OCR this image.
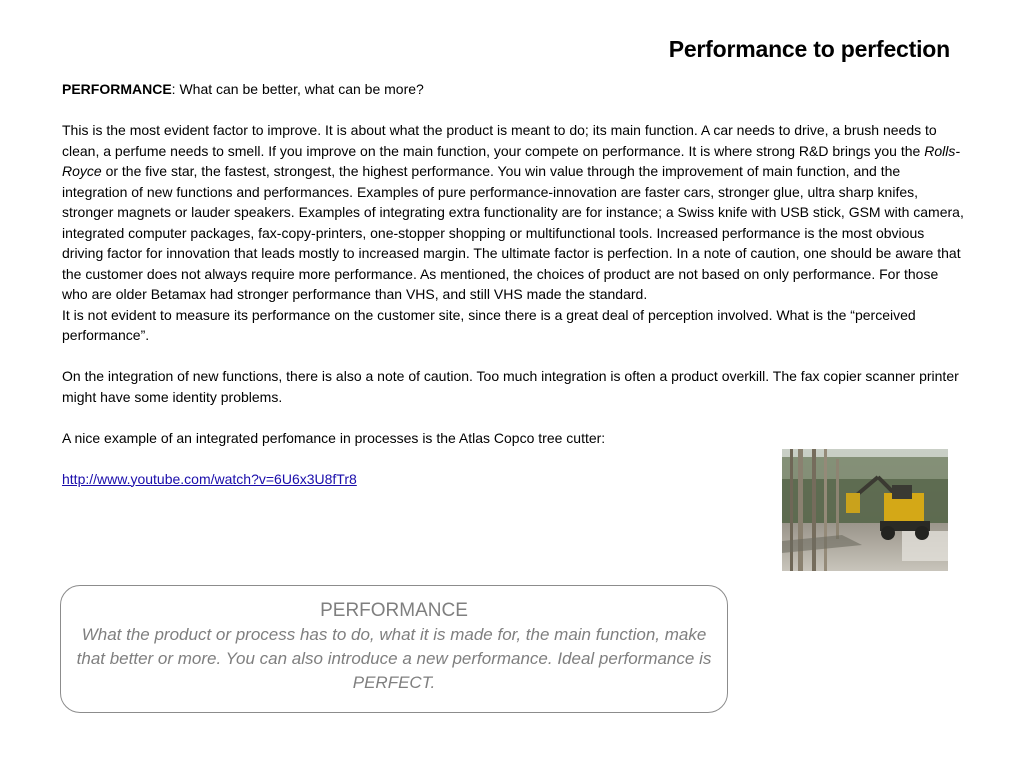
Performance to perfection

PERFORMANCE: What can be better, what can be more?

This is the most evident factor to improve. It is about what the product is meant to do; its main function. A car needs to drive, a brush needs to clean, a perfume needs to smell. If you improve on the main function, your compete on performance. It is where strong R&D brings you the Rolls-Royce or the five star, the fastest, strongest, the highest performance. You win value through the improvement of main function, and the integration of new functions and performances. Examples of pure performance-innovation are faster cars, stronger glue, ultra sharp knifes, stronger magnets or lauder speakers. Examples of integrating extra functionality are for instance; a Swiss knife with USB stick, GSM with camera, integrated computer packages, fax-copy-printers, one-stopper shopping or multifunctional tools. Increased performance is the most obvious driving factor for innovation that leads mostly to increased margin. The ultimate factor is perfection. In a note of caution, one should be aware that the customer does not always require more performance. As mentioned, the choices of product are not based on only performance. For those who are older Betamax had stronger performance than VHS, and still VHS made the standard.

It is not evident to measure its performance on the customer site, since there is a great deal of perception involved. What is the “perceived performance”.

On the integration of new functions, there is also a note of caution. Too much integration is often a product overkill. The fax copier scanner printer might have some identity problems.

A nice example of an integrated perfomance in processes is the Atlas Copco tree cutter:

http://www.youtube.com/watch?v=6U6x3U8fTr8

PERFORMANCE
What the product or process has to do, what it is made for, the main function, make that better or more. You can also introduce a new performance. Ideal performance is PERFECT.
